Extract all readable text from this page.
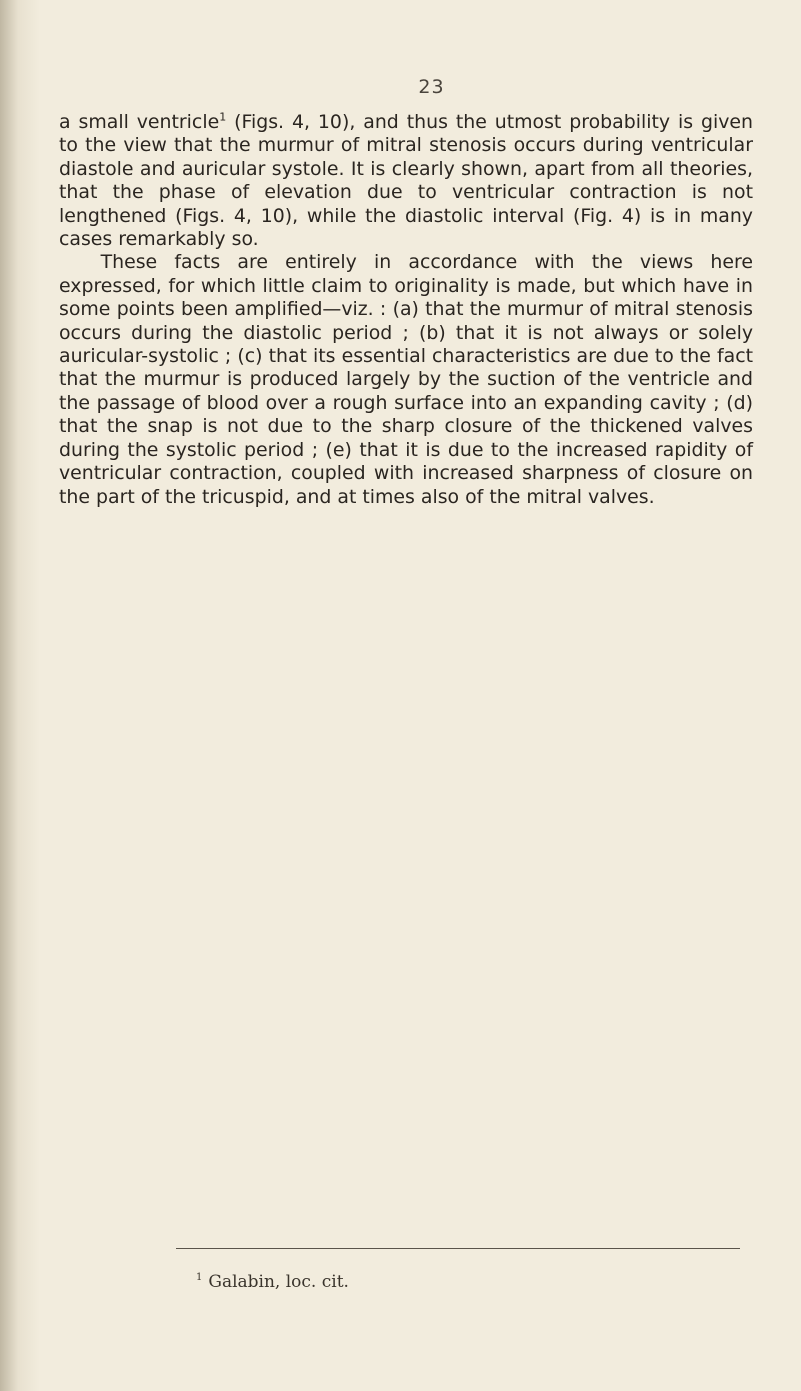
23

a small ventricle$^1$ (Figs. 4, 10), and thus the utmost probability is given to the view that the murmur of mitral stenosis occurs during ventricular diastole and auricular systole. It is clearly shown, apart from all theories, that the phase of elevation due to ventricular contraction is not lengthened (Figs. 4, 10), while the diastolic interval (Fig. 4) is in many cases remarkably so.

These facts are entirely in accordance with the views here expressed, for which little claim to originality is made, but which have in some points been amplified—viz. : (a) that the murmur of mitral stenosis occurs during the diastolic period ; (b) that it is not always or solely auricular-systolic ; (c) that its essential characteristics are due to the fact that the murmur is produced largely by the suction of the ventricle and the passage of blood over a rough surface into an expanding cavity ; (d) that the snap is not due to the sharp closure of the thickened valves during the systolic period ; (e) that it is due to the increased rapidity of ventricular contraction, coupled with increased sharpness of closure on the part of the tricuspid, and at times also of the mitral valves.

$^1$ Galabin, loc. cit.
